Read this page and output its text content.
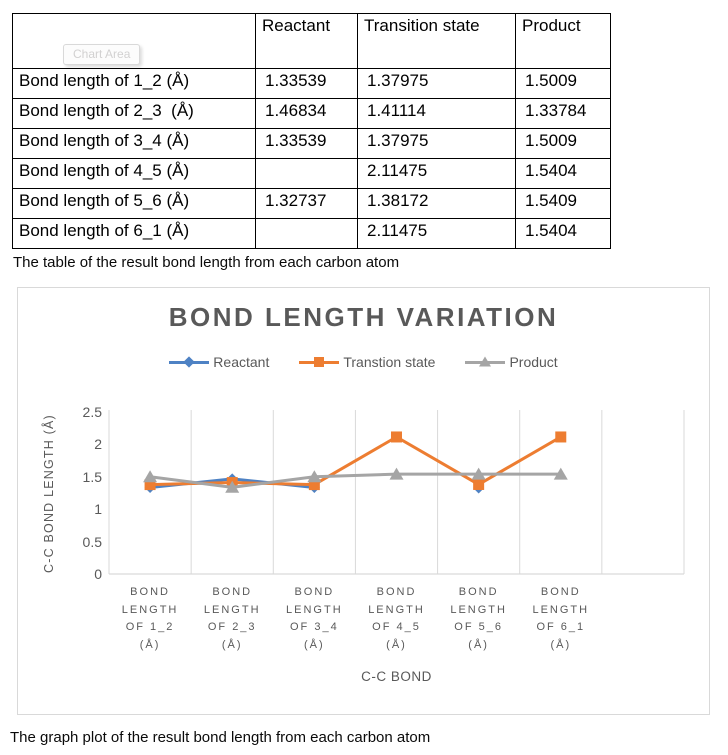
	Reactant	Transition state	Product
Bond length of 1_2 (Å)	1.33539	1.37975	1.5009
Bond length of 2_3  (Å)	1.46834	1.41114	1.33784
Bond length of 3_4 (Å)	1.33539	1.37975	1.5009
Bond length of 4_5 (Å)		2.11475	1.5404
Bond length of 5_6 (Å)	1.32737	1.38172	1.5409
Bond length of 6_1 (Å)		2.11475	1.5404
Chart Area
The table of the result bond length from each carbon atom
BOND LENGTH VARIATION
Reactant	Transtion state	Product
C-C BOND LENGTH (Å)
C-C BOND
0
0.5
1
1.5
2
2.5
BOND
LENGTH
OF 1_2
(Å)
BOND
LENGTH
OF 2_3
(Å)
BOND
LENGTH
OF 3_4
(Å)
BOND
LENGTH
OF 4_5
(Å)
BOND
LENGTH
OF 5_6
(Å)
BOND
LENGTH
OF 6_1
(Å)
The graph plot of the result bond length from each carbon atom
